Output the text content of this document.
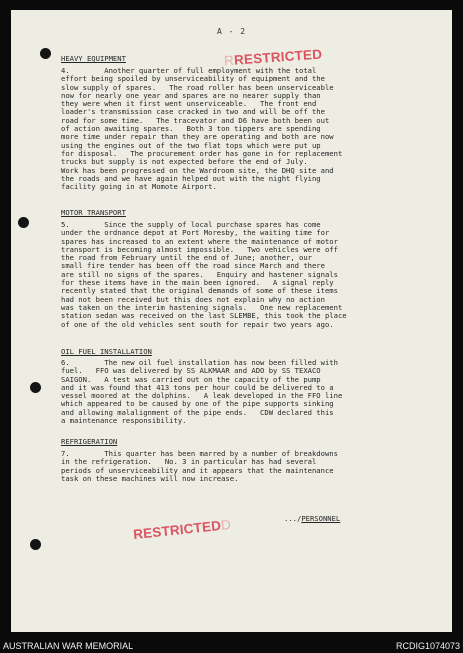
A - 2
RRESTRICTED
HEAVY EQUIPMENT
4.        Another quarter of full employment with the total
effort being spoiled by unserviceability of equipment and the
slow supply of spares.   The road roller has been unserviceable
now for nearly one year and spares are no nearer supply than
they were when it first went unserviceable.   The front end
loader's transmission case cracked in two and will be off the
road for some time.   The tracevator and D6 have both been out
of action awaiting spares.   Both 3 ton tippers are spending
more time under repair than they are operating and both are now
using the engines out of the two flat tops which were put up
for disposal.   The procurement order has gone in for replacement
trucks but supply is not expected before the end of July.
Work has been progressed on the Wardroom site, the DHQ site and
the roads and we have again helped out with the night flying
facility going in at Momote Airport.
MOTOR TRANSPORT
5.        Since the supply of local purchase spares has come
under the ordnance depot at Port Moresby, the waiting time for
spares has increased to an extent where the maintenance of motor
transport is becoming almost impossible.   Two vehicles were off
the road from February until the end of June; another, our
small fire tender has been off the road since March and there
are still no signs of the spares.   Enquiry and hastener signals
for these items have in the main been ignored.   A signal reply
recently stated that the original demands of some of these items
had not been received but this does not explain why no action
was taken on the interim hastening signals.   One new replacement
station sedan was received on the last SLEMBE, this took the place
of one of the old vehicles sent south for repair two years ago.
OIL FUEL INSTALLATION
6.        The new oil fuel installation has now been filled with
fuel.   FFO was delivered by SS ALKMAAR and ADO by SS TEXACO
SAIGON.   A test was carried out on the capacity of the pump
and it was found that 413 tons per hour could be delivered to a
vessel moored at the dolphins.   A leak developed in the FFO line
which appeared to be caused by one of the pipe supports sinking
and allowing malalignment of the pipe ends.   CDW declared this
a maintenance responsibility.
REFRIGERATION
7.        This quarter has been marred by a number of breakdowns
in the refrigeration.   No. 3 in particular has had several
periods of unserviceability and it appears that the maintenance
task on these machines will now increase.
RESTRICTEDD	.../PERSONNEL
AUSTRALIAN WAR MEMORIAL	RCDIG1074073
